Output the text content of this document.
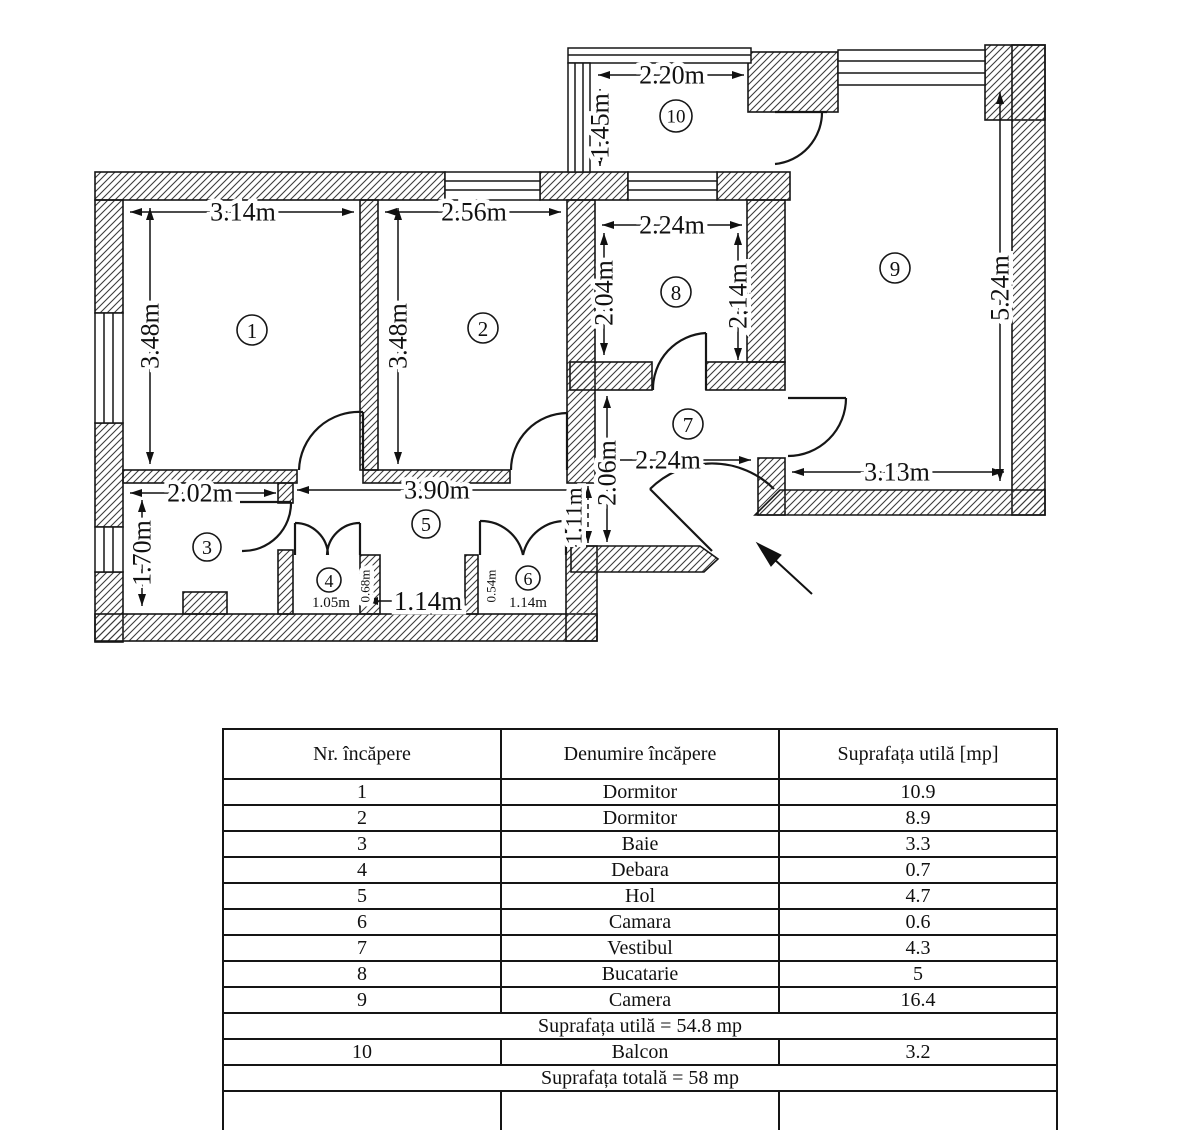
2.20m
3.14m	2.56m	2.24m
3.13m
2.24m
2.02m	3.90m
1.14m
1.05m	1.14m
1.45m
3.48m	3.48m
2.04m	2.14m	5.24m
2.06m
1.70m
1.11m
0.68m	0.54m
1	2
3
4
5
6
7
8
9
10
Nr. încăpere	Denumire încăpere	Suprafața utilă [mp]
1	Dormitor	10.9
2	Dormitor	8.9
3	Baie	3.3
4	Debara	0.7
5	Hol	4.7
6	Camara	0.6
7	Vestibul	4.3
8	Bucatarie	5
9	Camera	16.4
Suprafața utilă = 54.8 mp		
10	Balcon	3.2
Suprafața totală = 58 mp		
